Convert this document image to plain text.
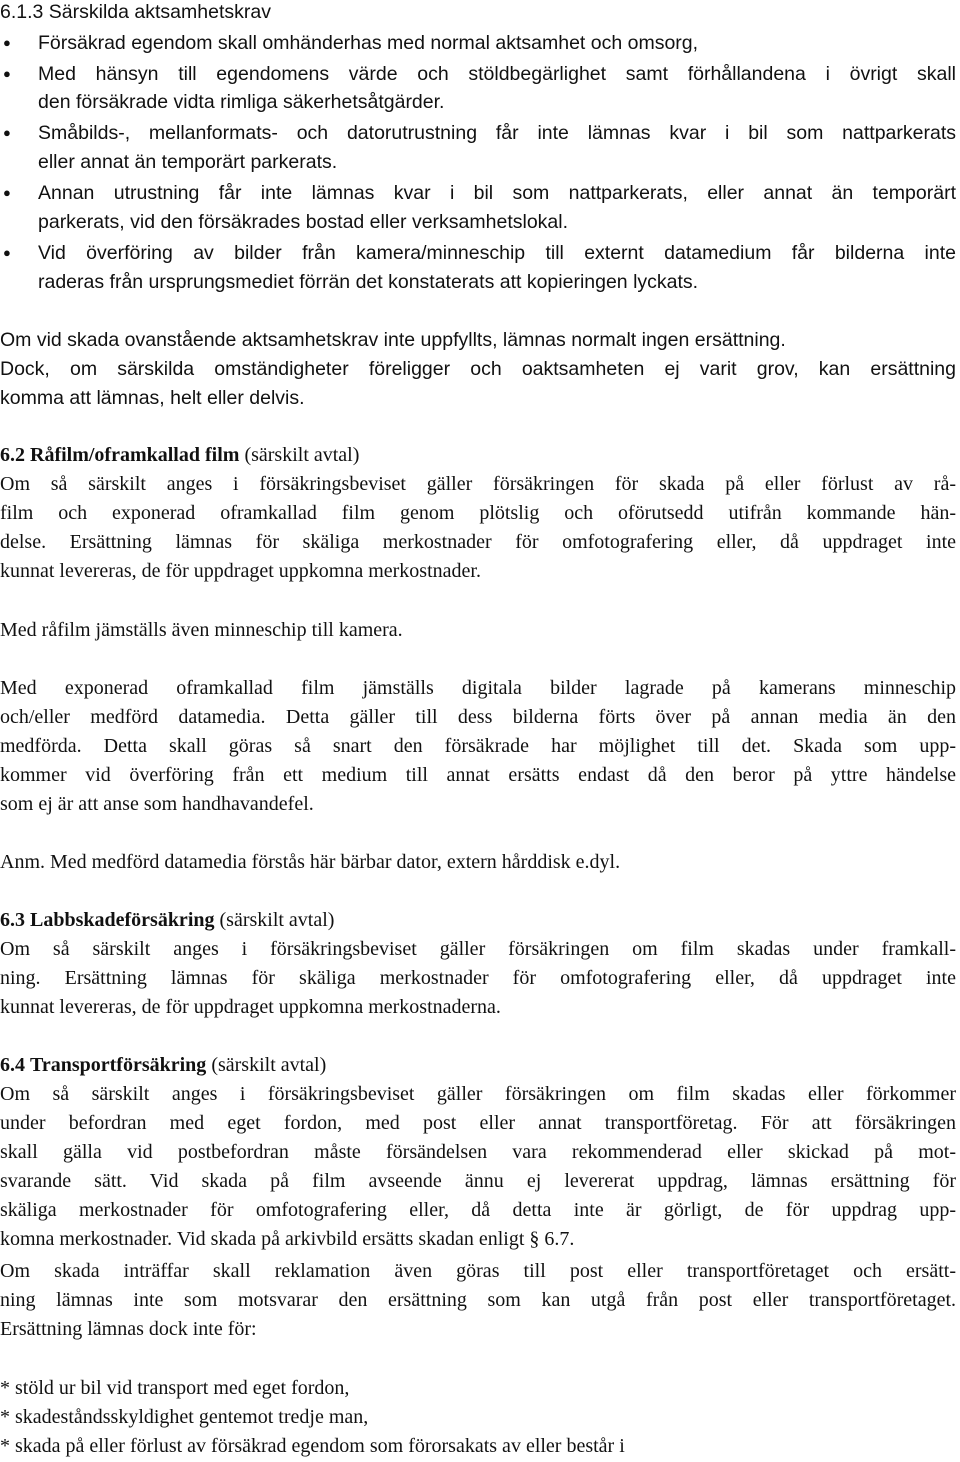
6.1.3 Särskilda aktsamhetskrav
● Försäkrad egendom skall omhänderhas med normal aktsamhet och omsorg,
● Med hänsyn till egendomens värde och stöldbegärlighet samt förhållandena i övrigt skall
den försäkrade vidta rimliga säkerhetsåtgärder.
● Småbilds-, mellanformats- och datorutrustning får inte lämnas kvar i bil som nattparkerats
eller annat än temporärt parkerats.
● Annan utrustning får inte lämnas kvar i bil som nattparkerats, eller annat än temporärt
parkerats, vid den försäkrades bostad eller verksamhetslokal.
● Vid överföring av bilder från kamera/minneschip till externt datamedium får bilderna inte
raderas från ursprungsmediet förrän det konstaterats att kopieringen lyckats.
Om vid skada ovanstående aktsamhetskrav inte uppfyllts, lämnas normalt ingen ersättning.
Dock, om särskilda omständigheter föreligger och oaktsamheten ej varit grov, kan ersättning
komma att lämnas, helt eller delvis.
6.2 Råfilm/oframkallad film (särskilt avtal)
Om så särskilt anges i försäkringsbeviset gäller försäkringen för skada på eller förlust av rå-
film och exponerad oframkallad film genom plötslig och oförutsedd utifrån kommande hän-
delse. Ersättning lämnas för skäliga merkostnader för omfotografering eller, då uppdraget inte
kunnat levereras, de för uppdraget uppkomna merkostnader.
Med råfilm jämställs även minneschip till kamera.
Med exponerad oframkallad film jämställs digitala bilder lagrade på kamerans minneschip
och/eller medförd datamedia. Detta gäller till dess bilderna förts över på annan media än den
medförda. Detta skall göras så snart den försäkrade har möjlighet till det. Skada som upp-
kommer vid överföring från ett medium till annat ersätts endast då den beror på yttre händelse
som ej är att anse som handhavandefel.
Anm. Med medförd datamedia förstås här bärbar dator, extern hårddisk e.dyl.
6.3 Labbskadeförsäkring (särskilt avtal)
Om så särskilt anges i försäkringsbeviset gäller försäkringen om film skadas under framkall-
ning. Ersättning lämnas för skäliga merkostnader för omfotografering eller, då uppdraget inte
kunnat levereras, de för uppdraget uppkomna merkostnaderna.
6.4 Transportförsäkring (särskilt avtal)
Om så särskilt anges i försäkringsbeviset gäller försäkringen om film skadas eller förkommer
under befordran med eget fordon, med post eller annat transportföretag. För att försäkringen
skall gälla vid postbefordran måste försändelsen vara rekommenderad eller skickad på mot-
svarande sätt. Vid skada på film avseende ännu ej levererat uppdrag, lämnas ersättning för
skäliga merkostnader för omfotografering eller, då detta inte är görligt, de för uppdrag upp-
komna merkostnader. Vid skada på arkivbild ersätts skadan enligt § 6.7.
Om skada inträffar skall reklamation även göras till post eller transportföretaget och ersätt-
ning lämnas inte som motsvarar den ersättning som kan utgå från post eller transportföretaget.
Ersättning lämnas dock inte för:
* stöld ur bil vid transport med eget fordon,
* skadeståndsskyldighet gentemot tredje man,
* skada på eller förlust av försäkrad egendom som förorsakats av eller består i
